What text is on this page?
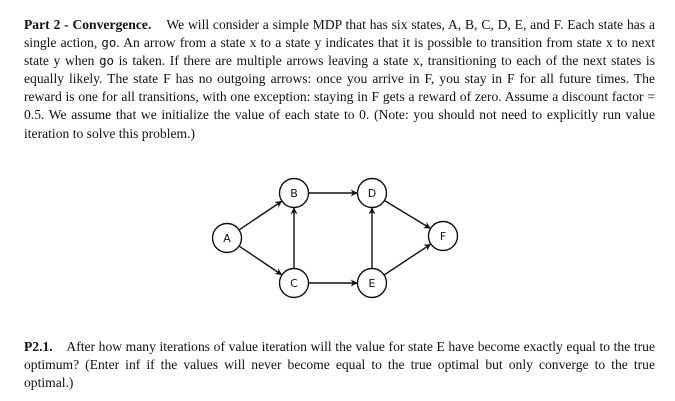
Part 2 - Convergence. We will consider a simple MDP that has six states, A, B, C, D, E, and F. Each state has a single action, go. An arrow from a state x to a state y indicates that it is possible to transition from state x to next state y when go is taken. If there are multiple arrows leaving a state x, transitioning to each of the next states is equally likely. The state F has no outgoing arrows: once you arrive in F, you stay in F for all future times. The reward is one for all transitions, with one exception: staying in F gets a reward of zero. Assume a discount factor = 0.5. We assume that we initialize the value of each state to 0. (Note: you should not need to explicitly run value iteration to solve this problem.)

A
B
C
D
E
F

P2.1. After how many iterations of value iteration will the value for state E have become exactly equal to the true optimum? (Enter inf if the values will never become equal to the true optimal but only converge to the true optimal.)
